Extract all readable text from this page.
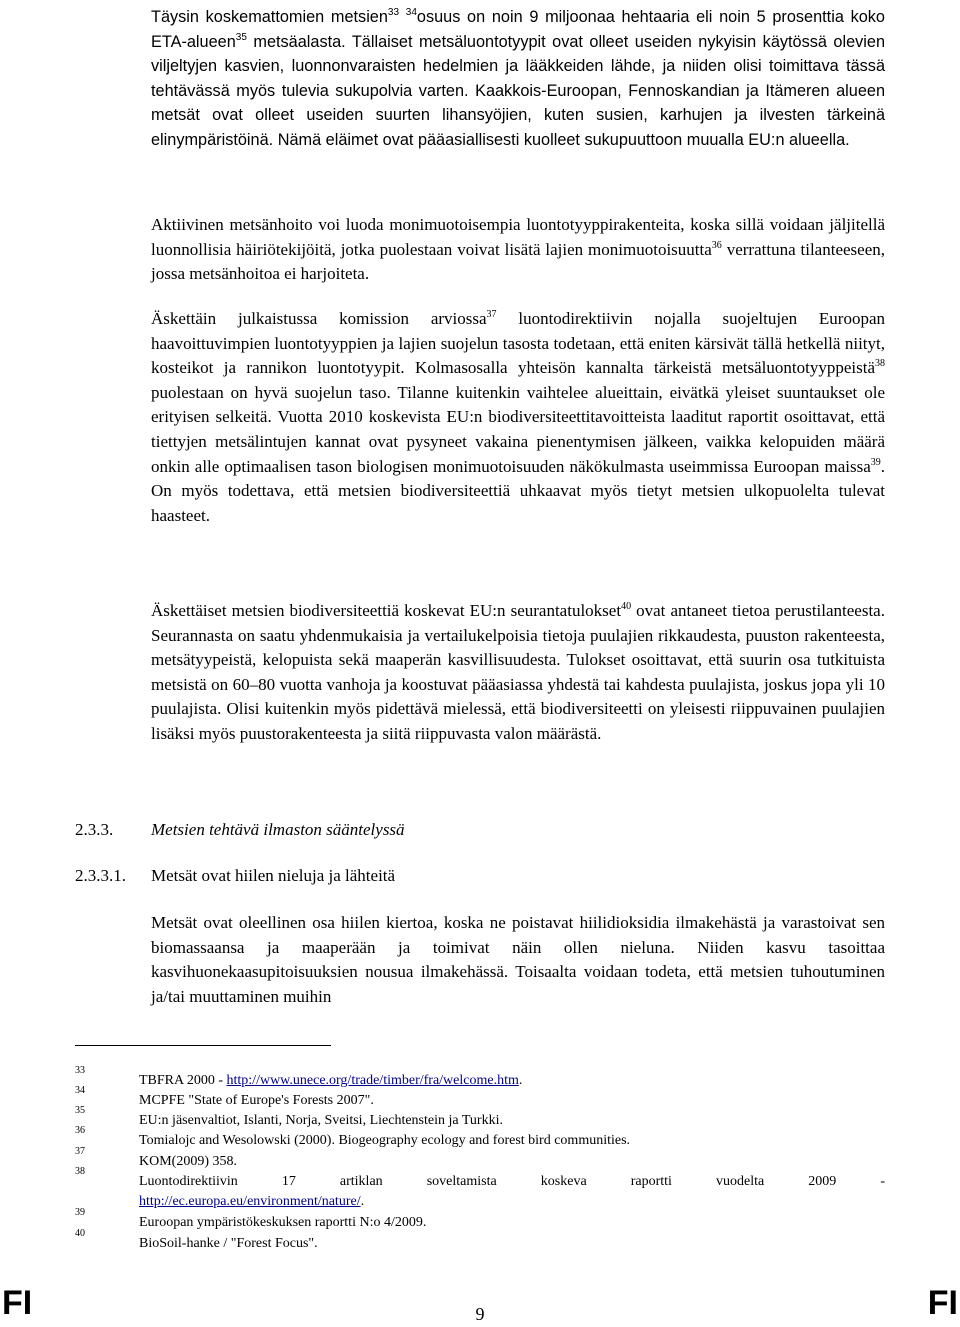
Täysin koskemattomien metsien$^{33}$ $^{34}$osuus on noin 9 miljoonaa hehtaaria eli noin 5 prosenttia koko ETA-alueen$^{35}$ metsäalasta. Tällaiset metsäluontotyypit ovat olleet useiden nykyisin käytössä olevien viljeltyjen kasvien, luonnonvaraisten hedelmien ja lääkkeiden lähde, ja niiden olisi toimittava tässä tehtävässä myös tulevia sukupolvia varten. Kaakkois-Euroopan, Fennoskandian ja Itämeren alueen metsät ovat olleet useiden suurten lihansyöjien, kuten susien, karhujen ja ilvesten tärkeinä elinympäristöinä. Nämä eläimet ovat pääasiallisesti kuolleet sukupuuttoon muualla EU:n alueella.

Aktiivinen metsänhoito voi luoda monimuotoisempia luontotyyppirakenteita, koska sillä voidaan jäljitellä luonnollisia häiriötekijöitä, jotka puolestaan voivat lisätä lajien monimuotoisuutta$^{36}$ verrattuna tilanteeseen, jossa metsänhoitoa ei harjoiteta.

Äskettäin julkaistussa komission arviossa$^{37}$ luontodirektiivin nojalla suojeltujen Euroopan haavoittuvimpien luontotyyppien ja lajien suojelun tasosta todetaan, että eniten kärsivät tällä hetkellä niityt, kosteikot ja rannikon luontotyypit. Kolmasosalla yhteisön kannalta tärkeistä metsäluontotyyppeistä$^{38}$ puolestaan on hyvä suojelun taso. Tilanne kuitenkin vaihtelee alueittain, eivätkä yleiset suuntaukset ole erityisen selkeitä. Vuotta 2010 koskevista EU:n biodiversiteettitavoitteista laaditut raportit osoittavat, että tiettyjen metsälintujen kannat ovat pysyneet vakaina pienentymisen jälkeen, vaikka kelopuiden määrä onkin alle optimaalisen tason biologisen monimuotoisuuden näkökulmasta useimmissa Euroopan maissa$^{39}$. On myös todettava, että metsien biodiversiteettiä uhkaavat myös tietyt metsien ulkopuolelta tulevat haasteet.

Äskettäiset metsien biodiversiteettiä koskevat EU:n seurantatulokset$^{40}$ ovat antaneet tietoa perustilanteesta. Seurannasta on saatu yhdenmukaisia ja vertailukelpoisia tietoja puulajien rikkaudesta, puuston rakenteesta, metsätyypeistä, kelopuista sekä maaperän kasvillisuudesta. Tulokset osoittavat, että suurin osa tutkituista metsistä on 60–80 vuotta vanhoja ja koostuvat pääasiassa yhdestä tai kahdesta puulajista, joskus jopa yli 10 puulajista. Olisi kuitenkin myös pidettävä mielessä, että biodiversiteetti on yleisesti riippuvainen puulajien lisäksi myös puustorakenteesta ja siitä riippuvasta valon määrästä.

2.3.3. Metsien tehtävä ilmaston sääntelyssä
2.3.3.1. Metsät ovat hiilen nieluja ja lähteitä

Metsät ovat oleellinen osa hiilen kiertoa, koska ne poistavat hiilidioksidia ilmakehästä ja varastoivat sen biomassaansa ja maaperään ja toimivat näin ollen nieluna. Niiden kasvu tasoittaa kasvihuonekaasupitoisuuksien nousua ilmakehässä. Toisaalta voidaan todeta, että metsien tuhoutuminen ja/tai muuttaminen muihin

33
TBFRA 2000 - http://www.unece.org/trade/timber/fra/welcome.htm.
34
MCPFE "State of Europe's Forests 2007".
35
EU:n jäsenvaltiot, Islanti, Norja, Sveitsi, Liechtenstein ja Turkki.
36
Tomialojc and Wesolowski (2000). Biogeography ecology and forest bird communities.
37
KOM(2009) 358.
38
Luontodirektiivin 17 artiklan soveltamista koskeva raportti vuodelta 2009 -
http://ec.europa.eu/environment/nature/.
39
Euroopan ympäristökeskuksen raportti N:o 4/2009.
40
BioSoil-hanke / "Forest Focus".
FI	9	FI
